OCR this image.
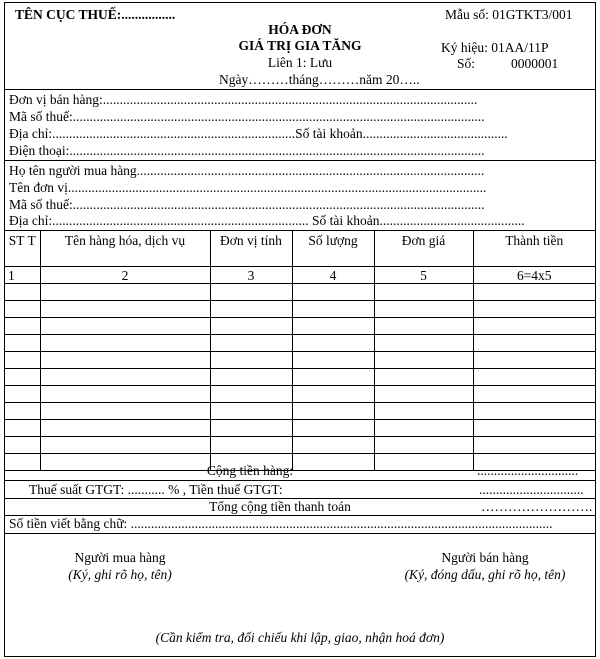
TÊN CỤC THUẾ:................	Mẫu số: 01GTKT3/001
HÓA ĐƠN
GIÁ TRỊ GIA TĂNG	Ký hiệu: 01AA/11P
Liên 1: Lưu	Số:	0000001
Ngày………tháng………năm 20…..
Đơn vị bán hàng:...............................................................................................................
Mã số thuế:..........................................................................................................................
Địa chỉ:........................................................................Số tài khoản...........................................
Điện thoại:...........................................................................................................................
Họ tên người mua hàng.......................................................................................................
Tên đơn vị............................................................................................................................
Mã số thuế:..........................................................................................................................
Địa chỉ:............................................................................ Số tài khoản...........................................
ST T	Tên hàng hóa, dịch vụ	Đơn vị tính	Số lượng	Đơn giá	Thành tiền
1	2	3	4	5	6=4x5

Cộng tiền hàng:	..............................
Thuế suất GTGT: ........... % , Tiền thuế GTGT:	...............................
Tổng cộng tiền thanh toán	…………………….
Số tiền viết bằng chữ: .............................................................................................................................
Người mua hàng
(Ký, ghi rõ họ, tên)
Người bán hàng
(Ký, đóng dấu, ghi rõ họ, tên)
(Cần kiểm tra, đối chiếu khi lập, giao, nhận hoá đơn)
